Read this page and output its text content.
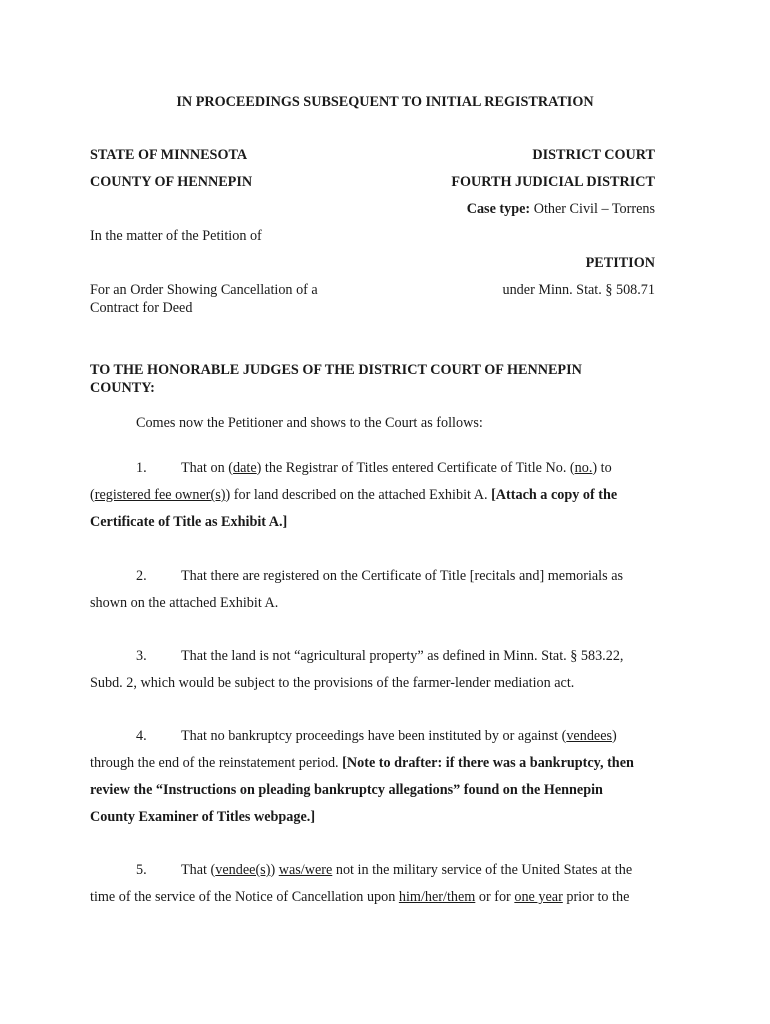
IN PROCEEDINGS SUBSEQUENT TO INITIAL REGISTRATION
STATE OF MINNESOTA
COUNTY OF HENNEPIN
DISTRICT COURT
FOURTH JUDICIAL DISTRICT
Case type: Other Civil – Torrens
In the matter of the Petition of
PETITION
For an Order Showing Cancellation of a
Contract for Deed
under Minn. Stat. § 508.71
TO THE HONORABLE JUDGES OF THE DISTRICT COURT OF HENNEPIN
COUNTY:
Comes now the Petitioner and shows to the Court as follows:
1. That on (date) the Registrar of Titles entered Certificate of Title No. (no.) to
(registered fee owner(s)) for land described on the attached Exhibit A. [Attach a copy of the
Certificate of Title as Exhibit A.]
2. That there are registered on the Certificate of Title [recitals and] memorials as
shown on the attached Exhibit A.
3. That the land is not “agricultural property” as defined in Minn. Stat. § 583.22,
Subd. 2, which would be subject to the provisions of the farmer-lender mediation act.
4. That no bankruptcy proceedings have been instituted by or against (vendees)
through the end of the reinstatement period. [Note to drafter: if there was a bankruptcy, then
review the “Instructions on pleading bankruptcy allegations” found on the Hennepin
County Examiner of Titles webpage.]
5. That (vendee(s)) was/were not in the military service of the United States at the
time of the service of the Notice of Cancellation upon him/her/them or for one year prior to the
